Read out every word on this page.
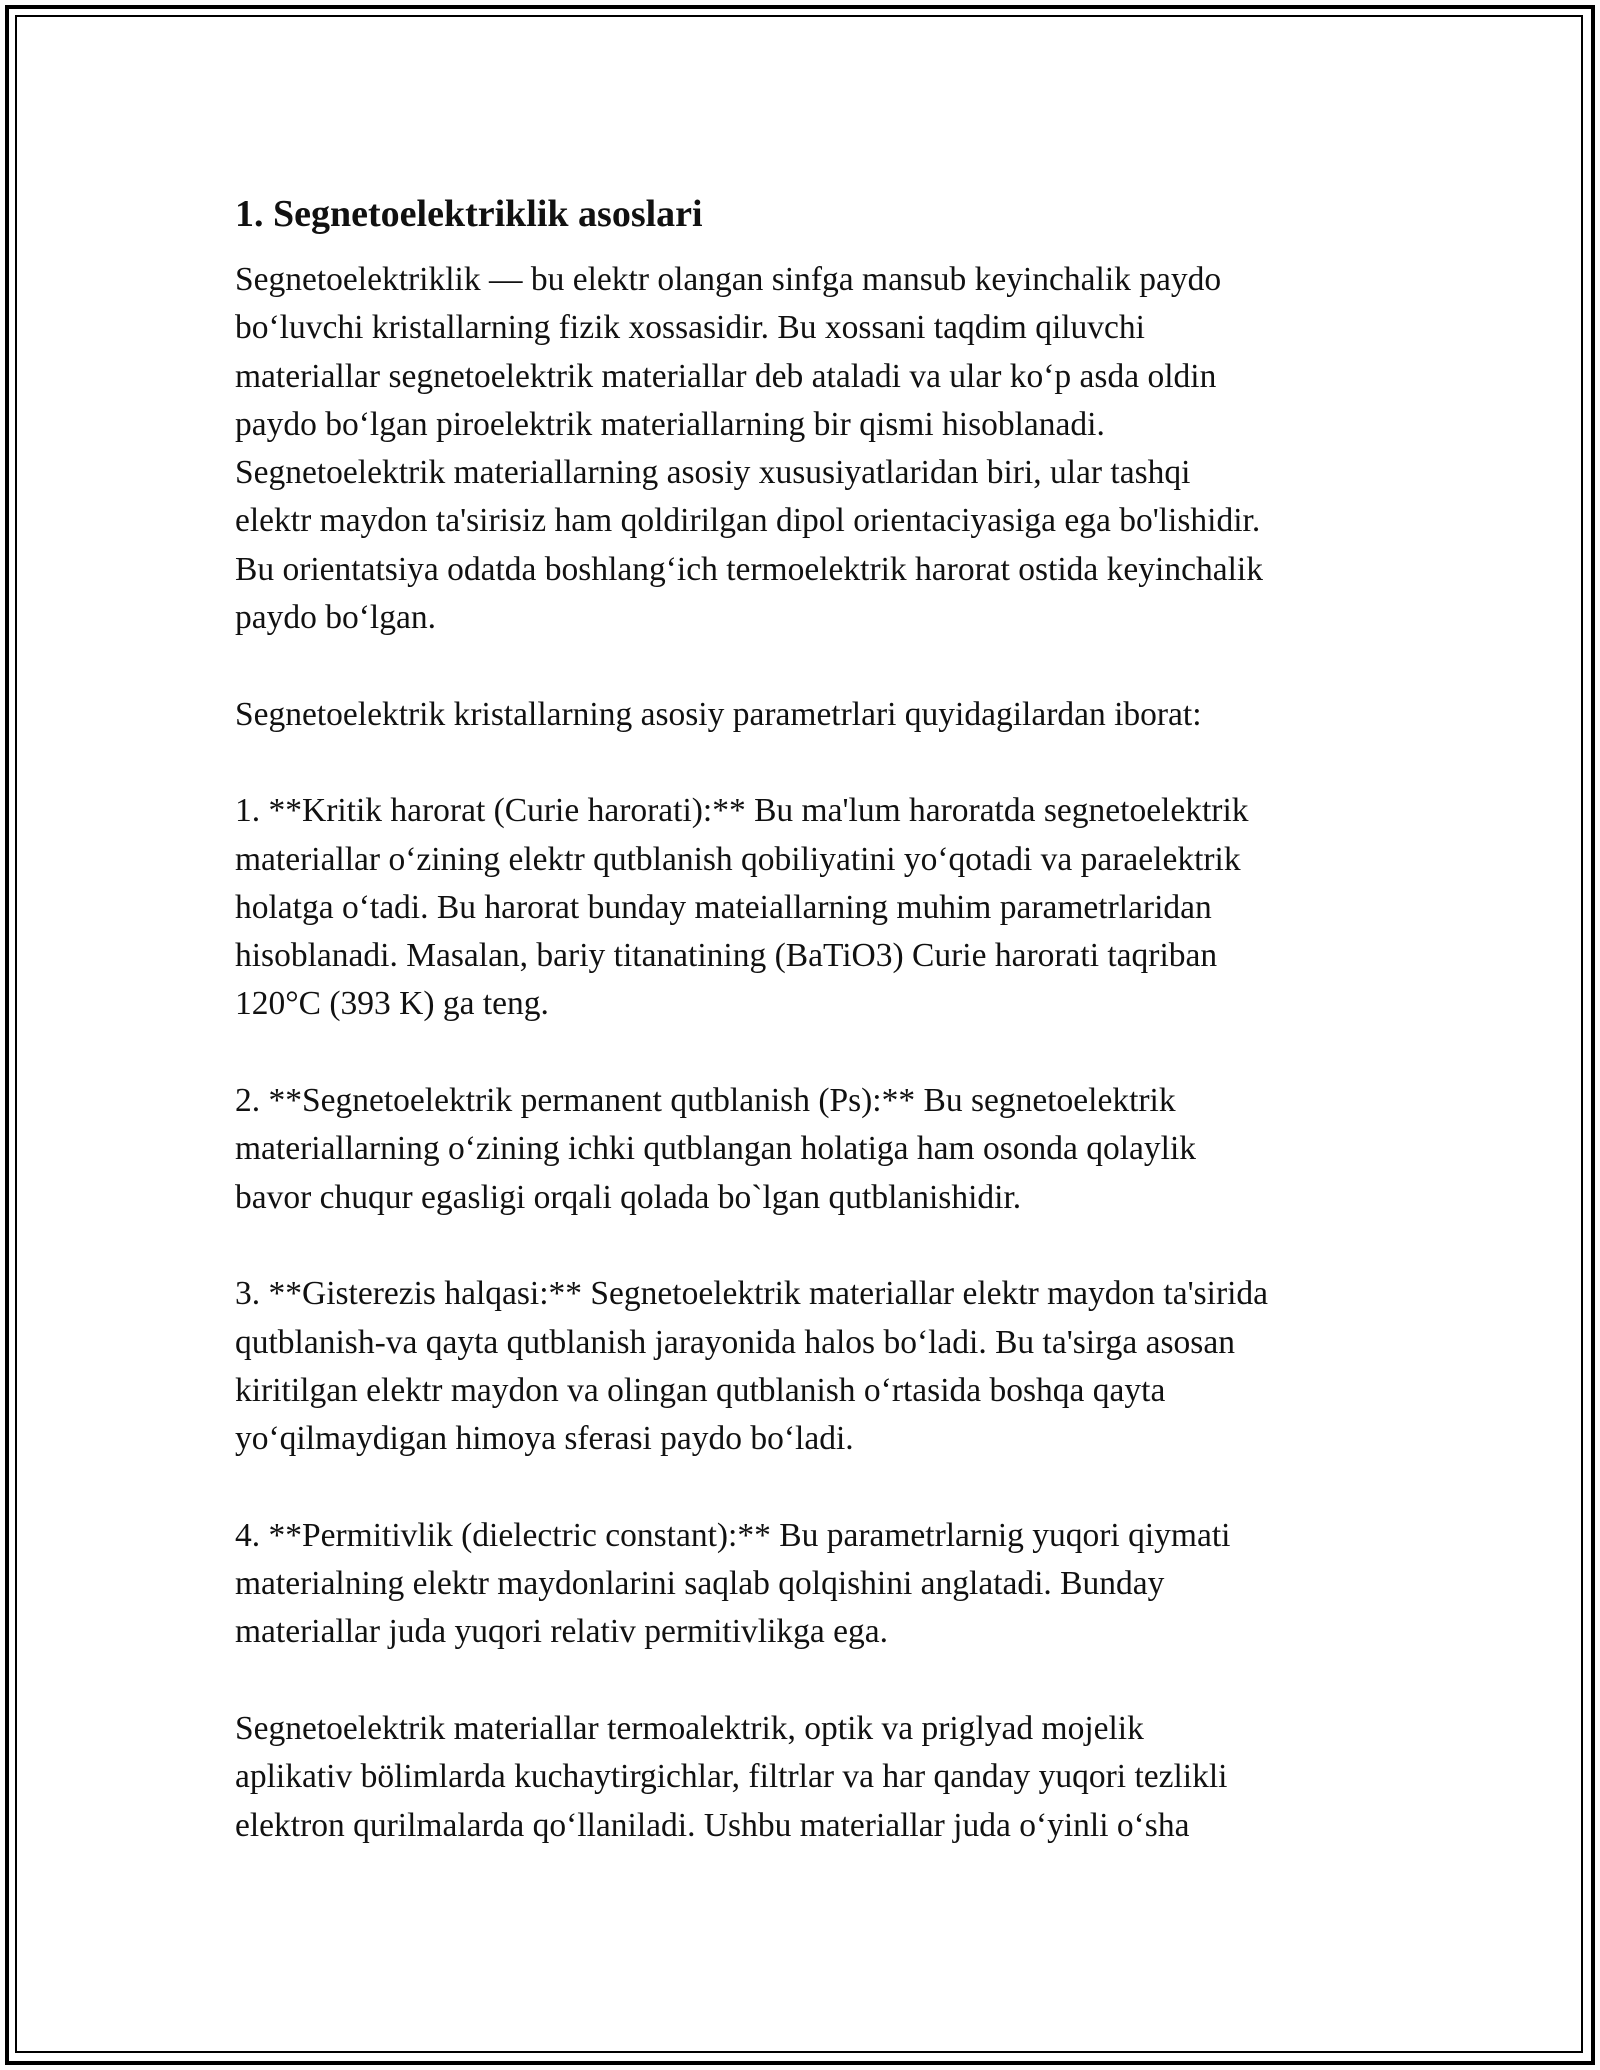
1. Segnetoelektriklik asoslari

Segnetoelektriklik — bu elektr olangan sinfga mansub keyinchalik paydo
bo‘luvchi kristallarning fizik xossasidir. Bu xossani taqdim qiluvchi
materiallar segnetoelektrik materiallar deb ataladi va ular ko‘p asda oldin
paydo bo‘lgan piroelektrik materiallarning bir qismi hisoblanadi.
Segnetoelektrik materiallarning asosiy xususiyatlaridan biri, ular tashqi
elektr maydon ta'sirisiz ham qoldirilgan dipol orientaciyasiga ega bo'lishidir.
Bu orientatsiya odatda boshlang‘ich termoelektrik harorat ostida keyinchalik
paydo bo‘lgan.

Segnetoelektrik kristallarning asosiy parametrlari quyidagilardan iborat:

1. **Kritik harorat (Curie harorati):** Bu ma'lum haroratda segnetoelektrik
materiallar o‘zining elektr qutblanish qobiliyatini yo‘qotadi va paraelektrik
holatga o‘tadi. Bu harorat bunday mateiallarning muhim parametrlaridan
hisoblanadi. Masalan, bariy titanatining (BaTiO3) Curie harorati taqriban
120°C (393 K) ga teng.

2. **Segnetoelektrik permanent qutblanish (Ps):** Bu segnetoelektrik
materiallarning o‘zining ichki qutblangan holatiga ham osonda qolaylik
bavor chuqur egasligi orqali qolada bo`lgan qutblanishidir.

3. **Gisterezis halqasi:** Segnetoelektrik materiallar elektr maydon ta'sirida
qutblanish-va qayta qutblanish jarayonida halos bo‘ladi. Bu ta'sirga asosan
kiritilgan elektr maydon va olingan qutblanish o‘rtasida boshqa qayta
yo‘qilmaydigan himoya sferasi paydo bo‘ladi.

4. **Permitivlik (dielectric constant):** Bu parametrlarnig yuqori qiymati
materialning elektr maydonlarini saqlab qolqishini anglatadi. Bunday
materiallar juda yuqori relativ permitivlikga ega.

Segnetoelektrik materiallar termoalektrik, optik va priglyad mojelik
aplikativ bölimlarda kuchaytirgichlar, filtrlar va har qanday yuqori tezlikli
elektron qurilmalarda qo‘llaniladi. Ushbu materiallar juda o‘yinli o‘sha
